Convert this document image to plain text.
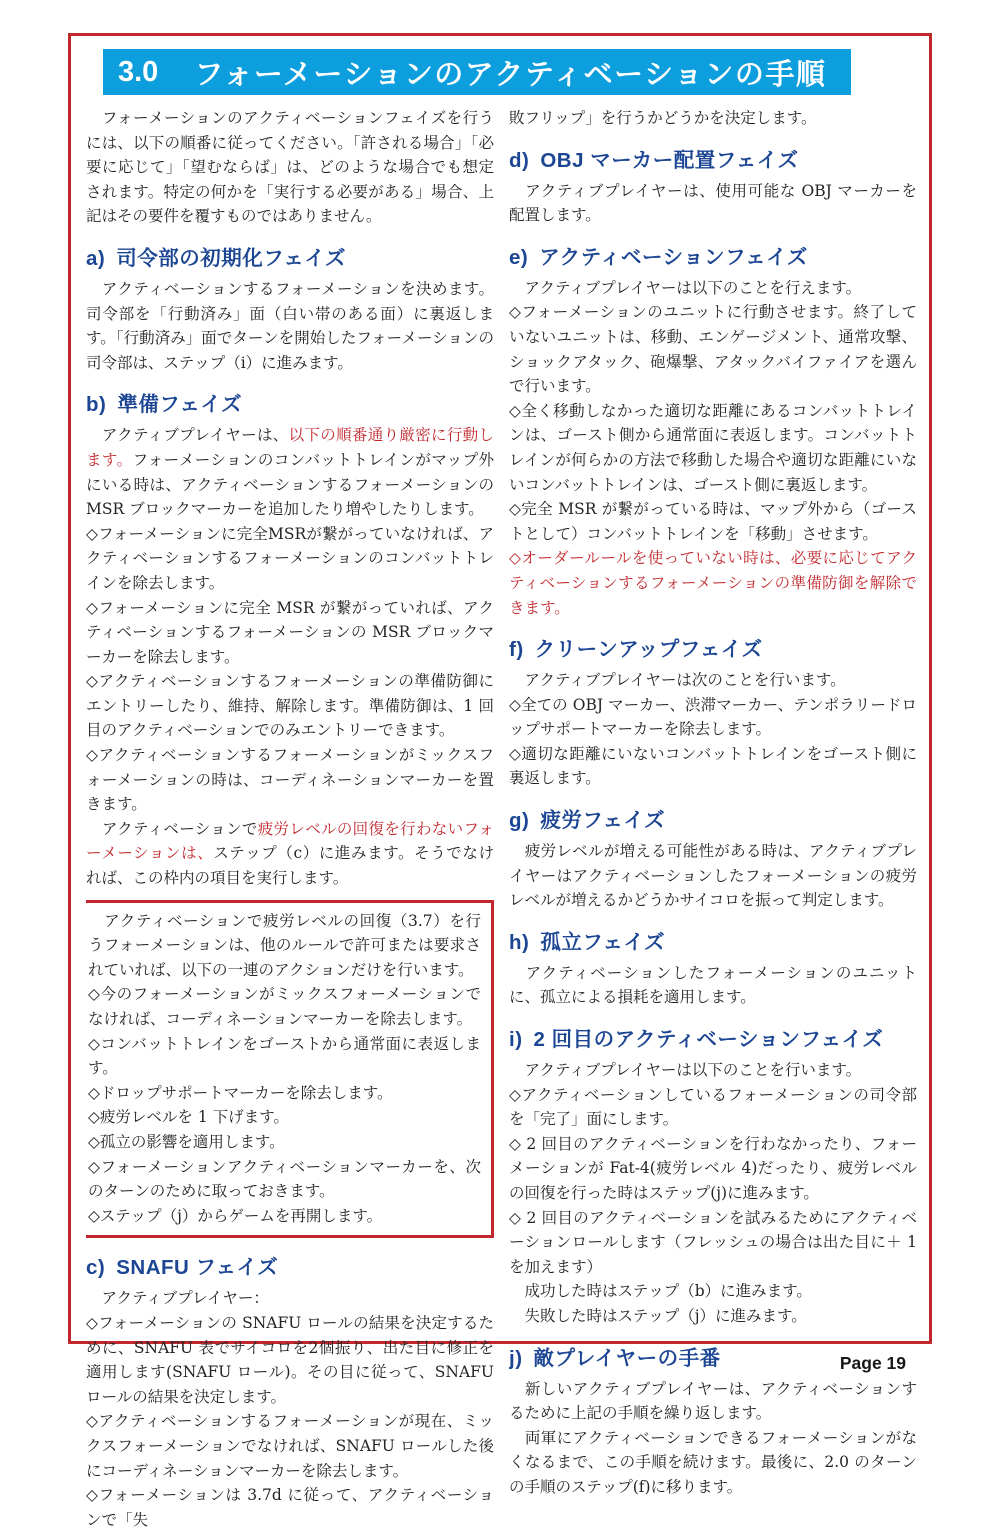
3.0 フォーメーションのアクティベーションの手順

　フォーメーションのアクティベーションフェイズを行うには、以下の順番に従ってください。「許される場合」「必要に応じて」「望むならば」は、どのような場合でも想定されます。特定の何かを「実行する必要がある」場合、上記はその要件を覆すものではありません。

a) 司令部の初期化フェイズ

　アクティベーションするフォーメーションを決めます。司令部を「行動済み」面（白い帯のある面）に裏返します。「行動済み」面でターンを開始したフォーメーションの司令部は、ステップ（i）に進みます。

b) 準備フェイズ

　アクティブプレイヤーは、以下の順番通り厳密に行動します。フォーメーションのコンバットトレインがマップ外にいる時は、アクティベーションするフォーメーションの MSR ブロックマーカーを追加したり増やしたりします。

◇フォーメーションに完全MSRが繋がっていなければ、アクティベーションするフォーメーションのコンバットトレインを除去します。

◇フォーメーションに完全 MSR が繋がっていれば、アクティベーションするフォーメーションの MSR ブロックマーカーを除去します。

◇アクティベーションするフォーメーションの準備防御にエントリーしたり、維持、解除します。準備防御は、1 回目のアクティベーションでのみエントリーできます。

◇アクティベーションするフォーメーションがミックスフォーメーションの時は、コーディネーションマーカーを置きます。

　アクティベーションで疲労レベルの回復を行わないフォーメーションは、ステップ（c）に進みます。そうでなければ、この枠内の項目を実行します。

　アクティベーションで疲労レベルの回復（3.7）を行うフォーメーションは、他のルールで許可または要求されていれば、以下の一連のアクションだけを行います。

◇今のフォーメーションがミックスフォーメーションでなければ、コーディネーションマーカーを除去します。

◇コンバットトレインをゴーストから通常面に表返します。

◇ドロップサポートマーカーを除去します。

◇疲労レベルを 1 下げます。

◇孤立の影響を適用します。

◇フォーメーションアクティベーションマーカーを、次のターンのために取っておきます。

◇ステップ（j）からゲームを再開します。

c) SNAFU フェイズ

　アクティブプレイヤー：

◇フォーメーションの SNAFU ロールの結果を決定するために、SNAFU 表でサイコロを2個振り、出た目に修正を適用します(SNAFU ロール)。その目に従って、SNAFU ロールの結果を決定します。

◇アクティベーションするフォーメーションが現在、ミックスフォーメーションでなければ、SNAFU ロールした後にコーディネーションマーカーを除去します。

◇フォーメーションは 3.7d に従って、アクティベーションで「失

敗フリップ」を行うかどうかを決定します。

d) OBJ マーカー配置フェイズ

　アクティブプレイヤーは、使用可能な OBJ マーカーを配置します。

e) アクティベーションフェイズ

　アクティブプレイヤーは以下のことを行えます。

◇フォーメーションのユニットに行動させます。終了していないユニットは、移動、エンゲージメント、通常攻撃、ショックアタック、砲爆撃、アタックバイファイアを選んで行います。

◇全く移動しなかった適切な距離にあるコンバットトレインは、ゴースト側から通常面に表返します。コンバットトレインが何らかの方法で移動した場合や適切な距離にいないコンバットトレインは、ゴースト側に裏返します。

◇完全 MSR が繋がっている時は、マップ外から（ゴーストとして）コンバットトレインを「移動」させます。

◇オーダールールを使っていない時は、必要に応じてアクティベーションするフォーメーションの準備防御を解除できます。

f) クリーンアップフェイズ

　アクティブプレイヤーは次のことを行います。

◇全ての OBJ マーカー、渋滞マーカー、テンポラリードロップサポートマーカーを除去します。

◇適切な距離にいないコンバットトレインをゴースト側に裏返します。

g) 疲労フェイズ

　疲労レベルが増える可能性がある時は、アクティブプレイヤーはアクティベーションしたフォーメーションの疲労レベルが増えるかどうかサイコロを振って判定します。

h) 孤立フェイズ

　アクティベーションしたフォーメーションのユニットに、孤立による損耗を適用します。

i) 2 回目のアクティベーションフェイズ

　アクティブプレイヤーは以下のことを行います。

◇アクティベーションしているフォーメーションの司令部を「完了」面にします。

◇ 2 回目のアクティベーションを行わなかったり、フォーメーションが Fat-4(疲労レベル 4)だったり、疲労レベルの回復を行った時はステップ(j)に進みます。

◇ 2 回目のアクティベーションを試みるためにアクティベーションロールします（フレッシュの場合は出た目に＋ 1 を加えます）

　成功した時はステップ（b）に進みます。

　失敗した時はステップ（j）に進みます。

j) 敵プレイヤーの手番

　新しいアクティブプレイヤーは、アクティベーションするために上記の手順を繰り返します。

　両軍にアクティベーションできるフォーメーションがなくなるまで、この手順を続けます。最後に、2.0 のターンの手順のステップ(f)に移ります。

Page 19
